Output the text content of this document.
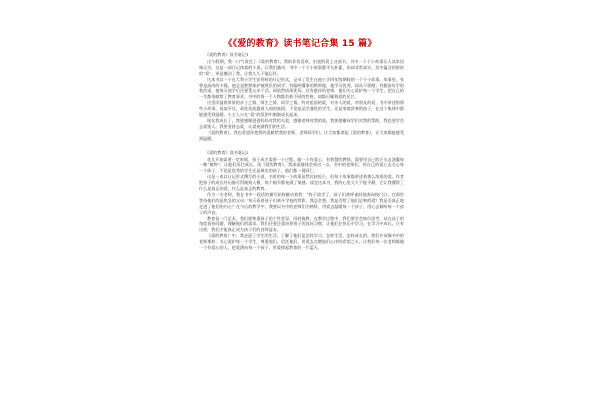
《《爱的教育》读书笔记合集 15 篇》

《爱的教育》读书笔记1

这个假期，我一口气读完了《爱的教育》，我的非常喜欢，由衷的爱上这部书。书中一个个小故事让人读来回味无穷，这是一部日记体裁的小说，让我们激动：书中一个个小故事都平凡朴素，但却非常真实，其中蕴含的浓浓的“爱”，更是撼动了我，让我久久不能忘怀。

这本书以一个在大利小学生安利柯的日记形式，记录了发生在他小学四年级期间的一个个小故事。故事里，有曾是高尚的卡隆，他总是默默保护被欺负的同学；有聪明懂事的斯带地，他学习优秀，却从不骄傲；有勤奋好学的勃西诺，他每天放学后还要帮父亲干活，却依然成绩优异。还有慈祥的老师，他们关心爱护每一个学生，把自己的一生都奉献给了教育事业。书中的每一个人物都有着不同的性格，却都闪耀着爱的光芒。

这里洋溢着浓浓的亲子之情、师生之情、同学之情，有对祖国的爱，对亲人的爱，对朋友的爱。书中讲述的那些小故事，看似平凡，却处处流露着人间的真情。不论是品学兼优的学生，还是家境贫寒的孩子，在这个集体中都能感受到温暖。小主人公在“爱”的氛围中渐渐成长起来。

现在我成长了，我要感谢爸爸妈妈对我的关爱，感谢老师对我的爱，我要感谢同学们对我的帮助，我也要学会去爱别人。我要坚持去爱，让爱充满我们的生活。

《爱的教育》，我也希望你把我的爱献给我的老师，老师同学们，让大家都拿起《爱的教育》，让大家都能感受到温暖。

《爱的教育》读书笔记2

花儿开放需要一定时间，孩子成才需要一个过程。做一个有爱心、有智慧的教师，需要用自己的汗水去浇灌每一株“植物”，让他们茁壮成长。读《爱的教育》，我深深地体会到这一点。书中的老师们，用自己的爱心去关心每一个孩子，不论是优秀的学生还是调皮的孩子，他们都一视同仁。

这是一本以日记形式撰写的小说，书里的每一个故事虽然比较短小，但每个故事都讲述着那么浓厚的爱。作者把孩子的成长经历描写得细致入微，每个细节都充满了情感。读完这本书，我的心里久久不能平静，它让我懂得了什么是真正的爱，什么是真正的教育。

作为一名老师，我在书中一段话的描写始终触动着我：“终于放学了，孩子们欢呼雀跃地奔向校门口，在那里等待他们的是焦急的父母。”每天看着孩子们离开学校的背影，我总会想，我是否给了他们足够的爱？我是否真正地走进了他们的内心？在今后的教学中，我要以书中的老师们为榜样，用爱去温暖每一个孩子，用心去倾听每一个孩子的声音。

教育是一门艺术，我们要尊重孩子的个性差异，因材施教。在教学过程中，我们要学会换位思考，站在孩子的角度看待问题，理解他们的需求。我们还要注重培养孩子的良好习惯，让他们在快乐中学习，在学习中成长。只有这样，我们才能真正成为孩子们的良师益友。

《爱的教育》中，我走进了学生的生活，了解了他们是怎样学习，怎样生活，怎样成长的。我们应该像书中的老师那样，关心爱护每一个学生，尊重他们，信任他们，用爱去点燃他们心中的希望之火。让我们每一位老师都做一个有爱心的人，把爱洒向每一个孩子，用爱撑起教育的一片蓝天。
